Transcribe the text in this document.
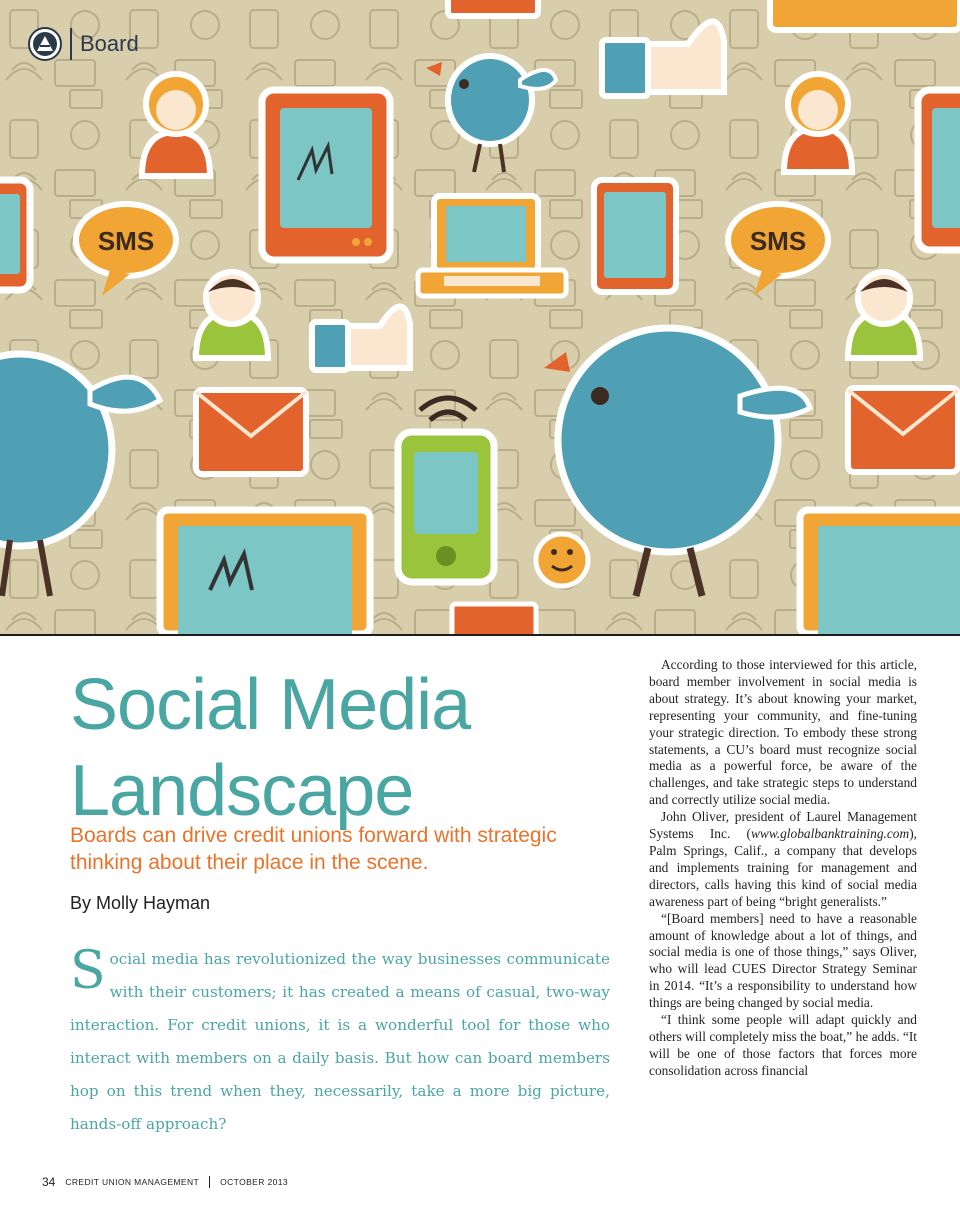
SMS	SMS
Board
Social Media
Landscape

Boards can drive credit unions forward with strategic thinking about their place in the scene.

By Molly Hayman

Social media has revolutionized the way businesses communicate with their customers; it has created a means of casual, two-way interaction. For credit unions, it is a wonderful tool for those who interact with members on a daily basis. But how can board members hop on this trend when they, necessarily, take a more big picture, hands-off approach?

According to those interviewed for this article, board member involvement in social media is about strategy. It’s about knowing your market, representing your community, and fine-tuning your strategic direction. To embody these strong statements, a CU’s board must recognize social media as a powerful force, be aware of the challenges, and take strategic steps to understand and correctly utilize social media.

John Oliver, president of Laurel Management Systems Inc. (www.globalbanktraining.com), Palm Springs, Calif., a company that develops and implements training for management and directors, calls having this kind of social media awareness part of being “bright generalists.”

“[Board members] need to have a reasonable amount of knowledge about a lot of things, and social media is one of those things,” says Oliver, who will lead CUES Director Strategy Seminar in 2014. “It’s a responsibility to understand how things are being changed by social media.

“I think some people will adapt quickly and others will completely miss the boat,” he adds. “It will be one of those factors that forces more consolidation across financial

34 CREDIT UNION MANAGEMENT OCTOBER 2013
